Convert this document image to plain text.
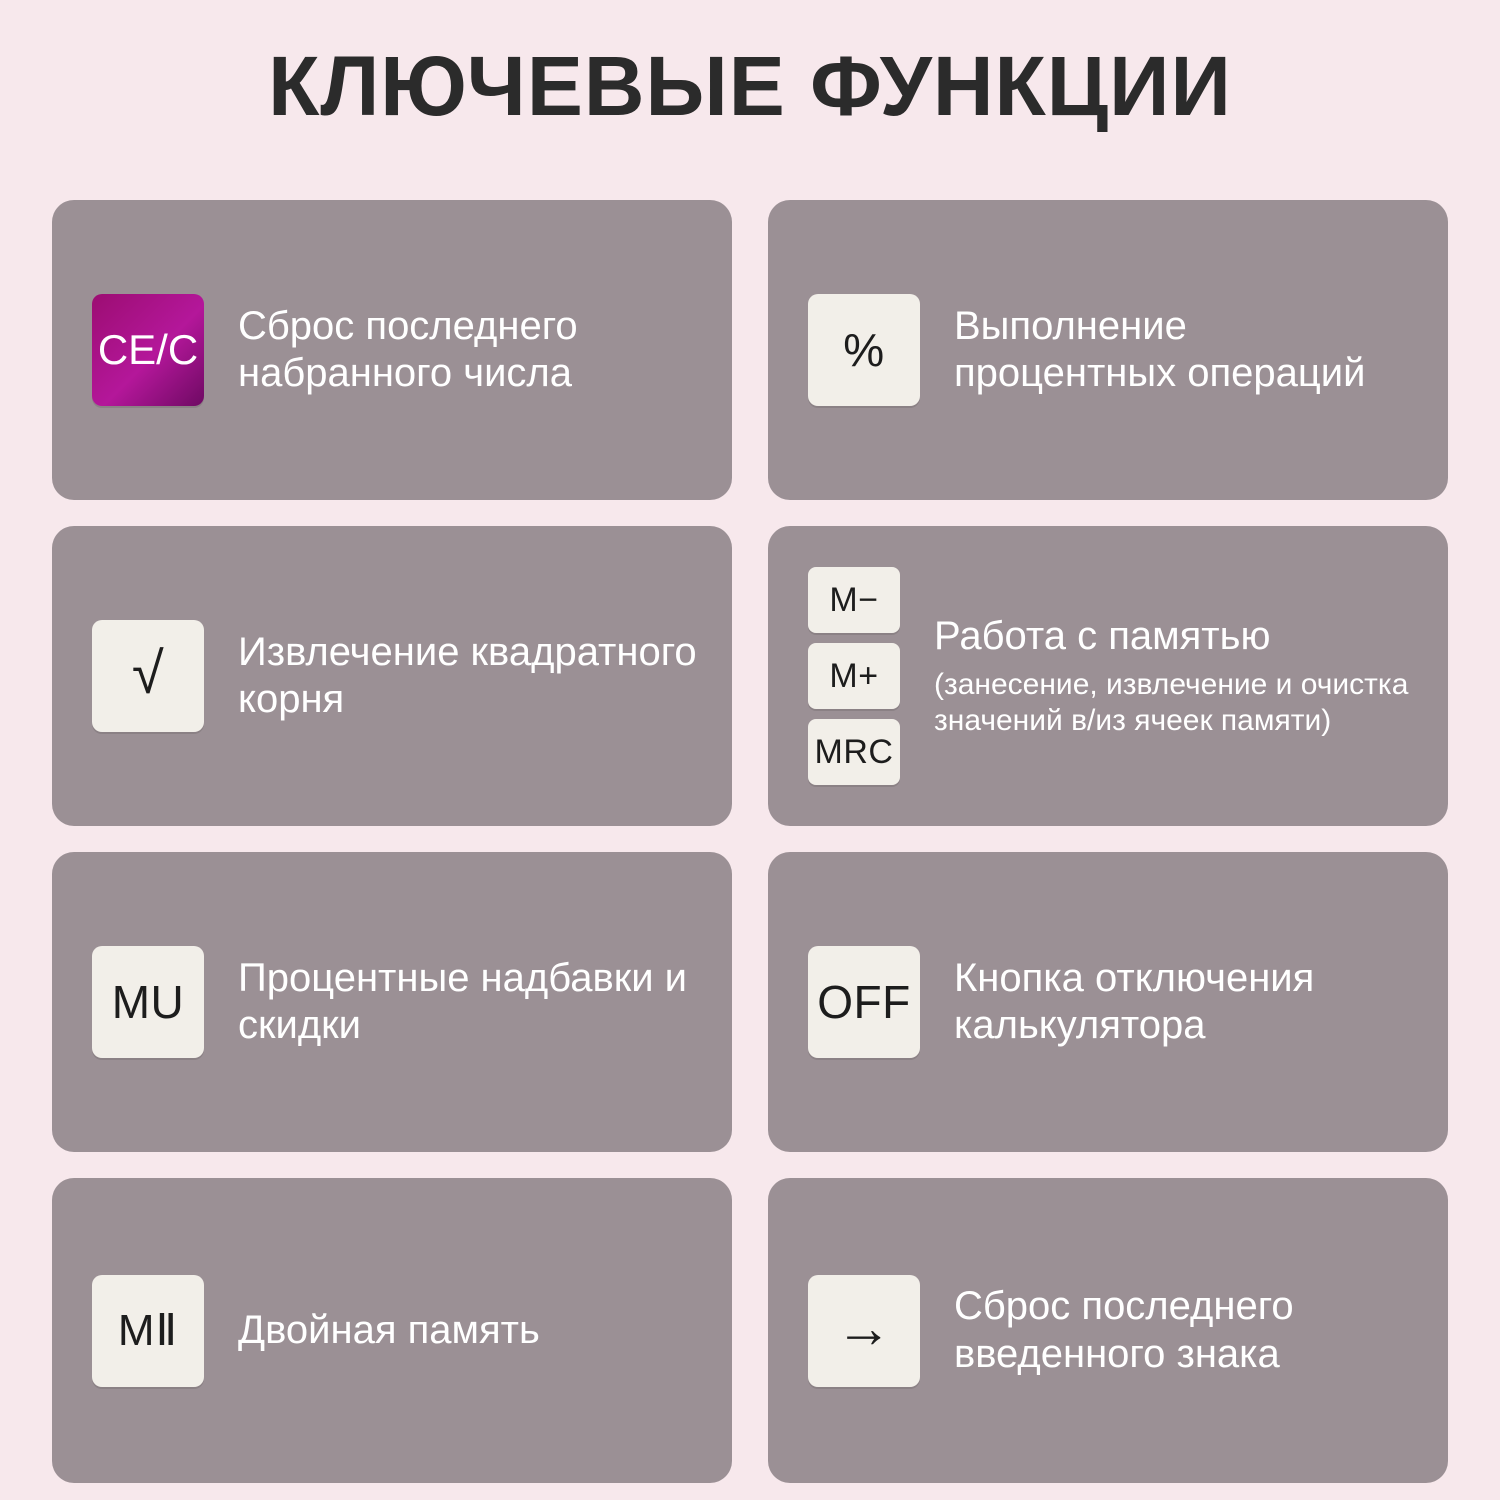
КЛЮЧЕВЫЕ ФУНКЦИИ
CE/C
Сброс последнего набранного числа	%	Выполнение процентных операций
√ Извлечение квадратного корня
M−
M+
MRC
Работа с памятью
(занесение, извлечение и очистка значений в/из ячеек памяти)
MU	Процентные надбавки и скидки	OFF Кнопка отключения калькулятора
MⅡ Двойная память	→ Сброс последнего введенного знака
